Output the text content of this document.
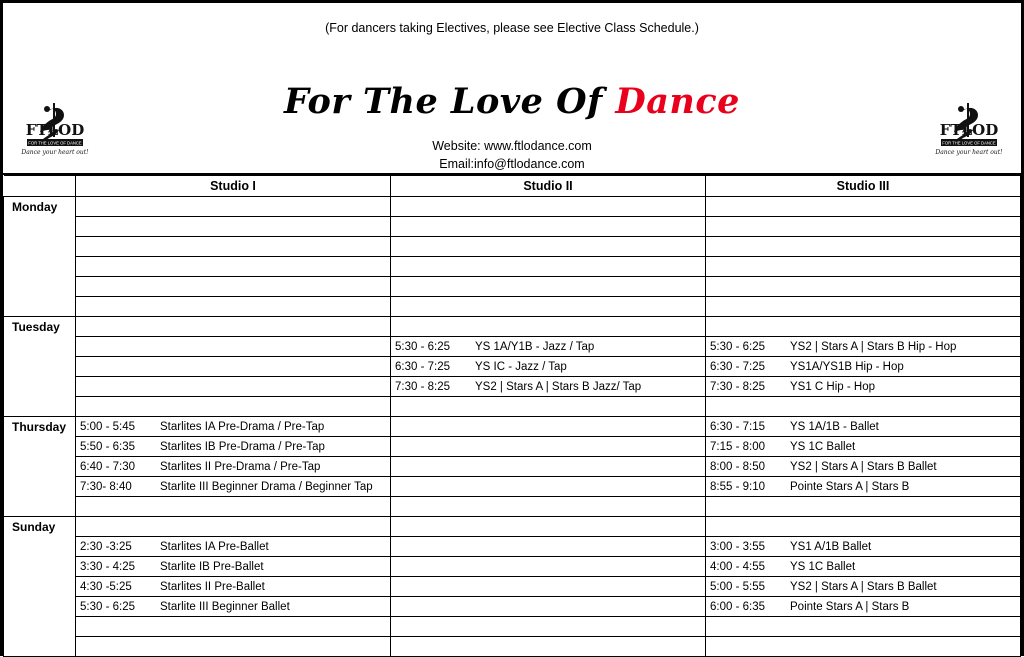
(For dancers taking Electives, please see Elective Class Schedule.)
For The Love Of Dance
Website: www.ftlodance.com
Email:info@ftlodance.com
FTLOD
FOR THE LOVE OF DANCE
Dance your heart out!
FTLOD
FOR THE LOVE OF DANCE
Dance your heart out!
	Studio I	Studio II	Studio III
Monday			

Tuesday			

		5:30 - 6:25 YS 1A/Y1B - Jazz / Tap	5:30 - 6:25 YS2 | Stars A | Stars B Hip - Hop

		6:30 - 7:25 YS IC - Jazz / Tap	6:30 - 7:25 YS1A/YS1B Hip - Hop

		7:30 - 8:25 YS2 | Stars A | Stars B Jazz/ Tap	7:30 - 8:25 YS1 C Hip - Hop

Thursday	5:00 - 5:45 Starlites IA Pre-Drama / Pre-Tap		6:30 - 7:15 YS 1A/1B - Ballet

	5:50 - 6:35 Starlites IB Pre-Drama / Pre-Tap		7:15 - 8:00 YS 1C Ballet

	6:40 - 7:30 Starlites II Pre-Drama / Pre-Tap		8:00 - 8:50 YS2 | Stars A | Stars B Ballet

	7:30- 8:40 Starlite III Beginner Drama / Beginner Tap		8:55 - 9:10 Pointe Stars A | Stars B

Sunday			

	2:30 -3:25 Starlites IA Pre-Ballet		3:00 - 3:55 YS1 A/1B Ballet

	3:30 - 4:25 Starlite IB Pre-Ballet		4:00 - 4:55 YS 1C Ballet

	4:30 -5:25 Starlites II Pre-Ballet		5:00 - 5:55 YS2 | Stars A | Stars B Ballet

	5:30 - 6:25 Starlite III Beginner Ballet		6:00 - 6:35 Pointe Stars A | Stars B
